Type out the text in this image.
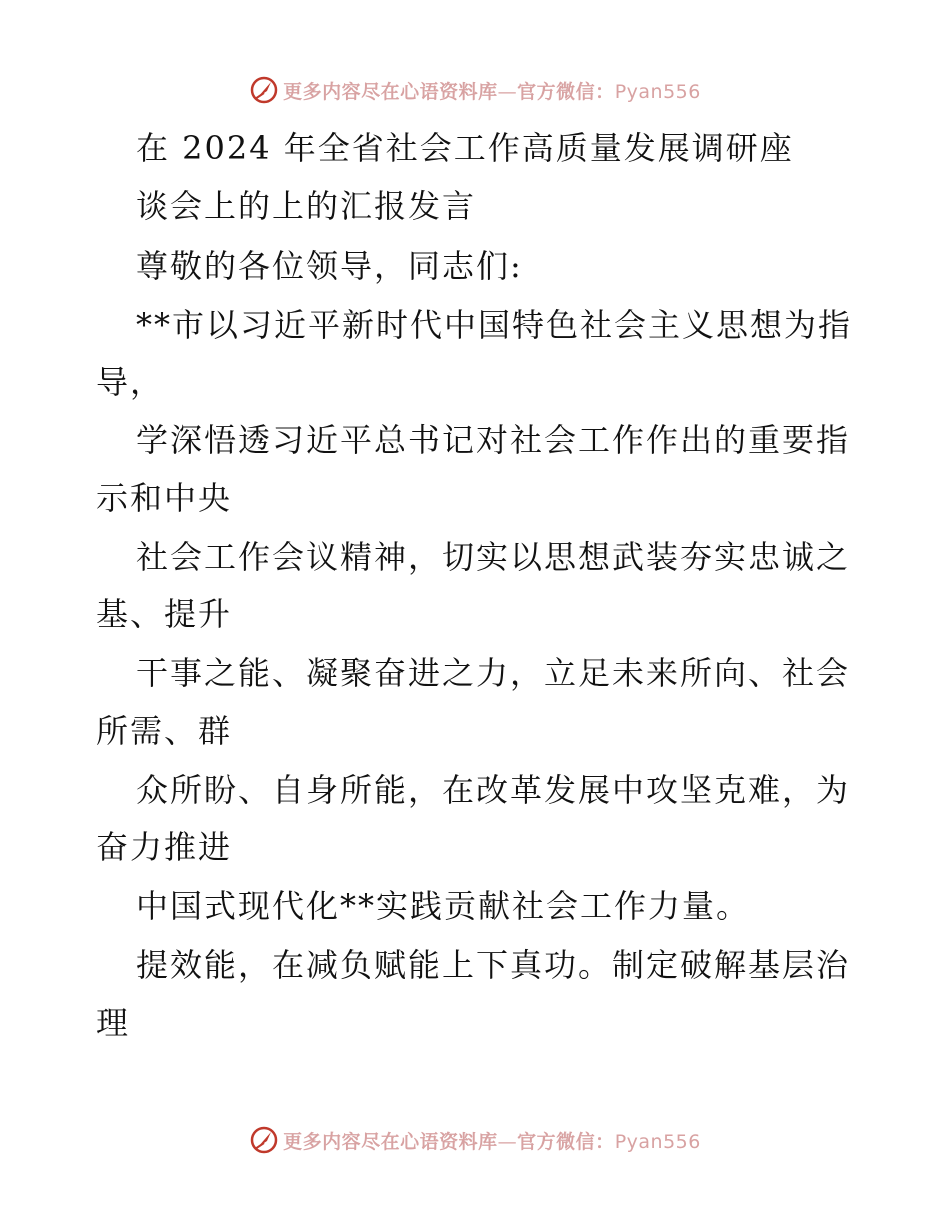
更多内容尽在心语资料库—官方微信：Pyan556
在 2024 年全省社会工作高质量发展调研座
谈会上的上的汇报发言
尊敬的各位领导，同志们:
**市以习近平新时代中国特色社会主义思想为指
导，
学深悟透习近平总书记对社会工作作出的重要指
示和中央
社会工作会议精神，切实以思想武装夯实忠诚之
基、提升
干事之能、凝聚奋进之力，立足未来所向、社会
所需、群
众所盼、自身所能，在改革发展中攻坚克难，为
奋力推进
中国式现代化**实践贡献社会工作力量。
提效能，在减负赋能上下真功。制定破解基层治
理
更多内容尽在心语资料库—官方微信：Pyan556
